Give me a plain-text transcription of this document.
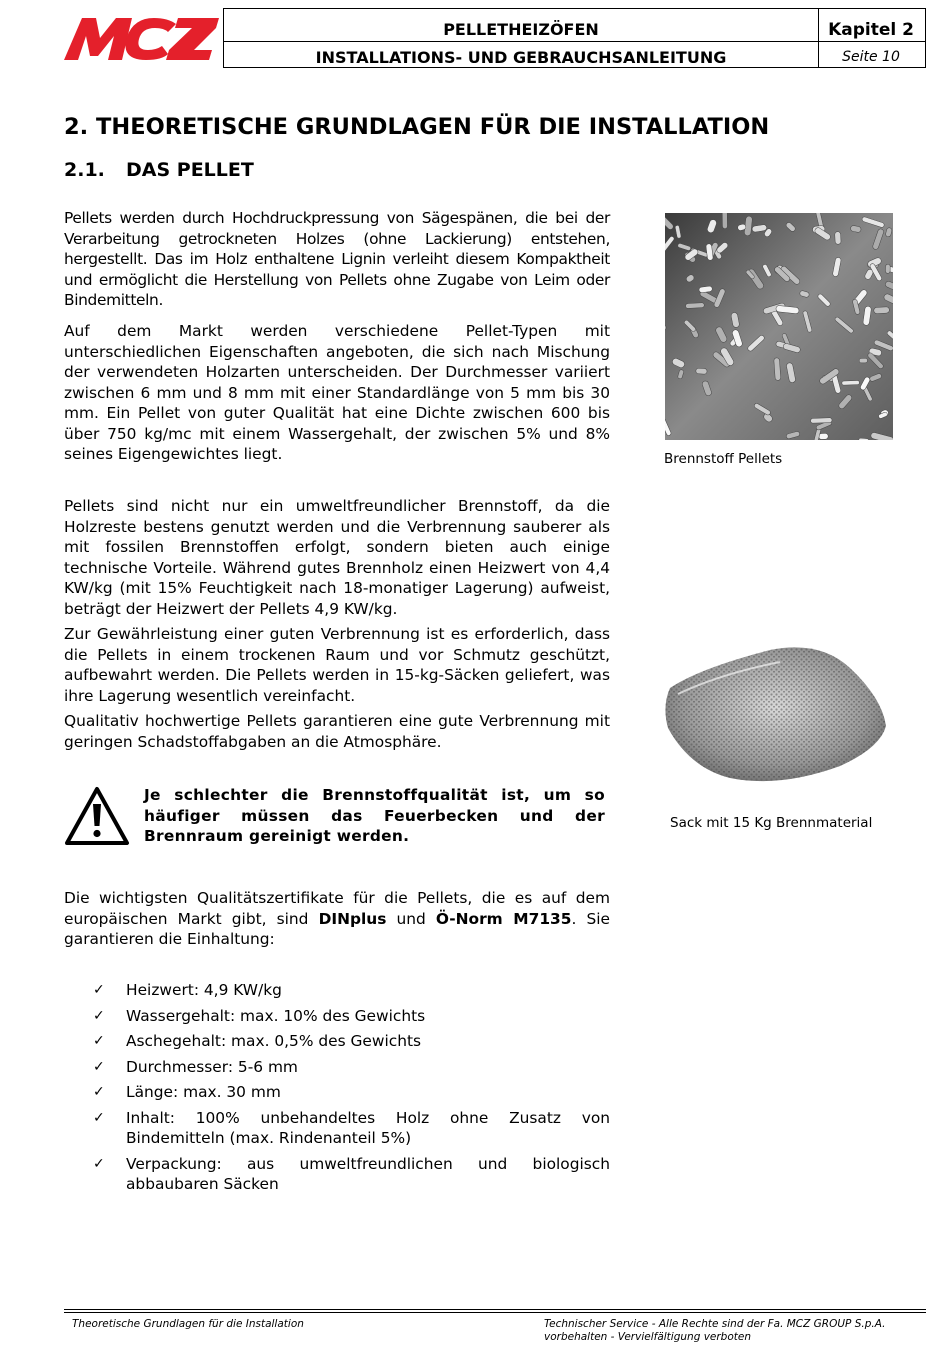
PELLETHEIZÖFEN
INSTALLATIONS- UND GEBRAUCHSANLEITUNG
Kapitel 2
Seite 10
2. THEORETISCHE GRUNDLAGEN FÜR DIE INSTALLATION
2.1. DAS PELLET
Pellets werden durch Hochdruckpressung von Sägespänen, die bei der Verarbeitung getrockneten Holzes (ohne Lackierung) entstehen, hergestellt. Das im Holz enthaltene Lignin verleiht diesem Kompaktheit und ermöglicht die Herstellung von Pellets ohne Zugabe von Leim oder Bindemitteln.
Auf dem Markt werden verschiedene Pellet-Typen mit unterschiedlichen Eigenschaften angeboten, die sich nach Mischung der verwendeten Holzarten unterscheiden. Der Durchmesser variiert zwischen 6 mm und 8 mm mit einer Standardlänge von 5 mm bis 30 mm. Ein Pellet von guter Qualität hat eine Dichte zwischen 600 bis über 750 kg/mc mit einem Wassergehalt, der zwischen 5% und 8% seines Eigengewichtes liegt.
Pellets sind nicht nur ein umweltfreundlicher Brennstoff, da die Holzreste bestens genutzt werden und die Verbrennung sauberer als mit fossilen Brennstoffen erfolgt, sondern bieten auch einige technische Vorteile. Während gutes Brennholz einen Heizwert von 4,4 KW/kg (mit 15% Feuchtigkeit nach 18-monatiger Lagerung) aufweist, beträgt der Heizwert der Pellets 4,9 KW/kg.
Zur Gewährleistung einer guten Verbrennung ist es erforderlich, dass die Pellets in einem trockenen Raum und vor Schmutz geschützt, aufbewahrt werden. Die Pellets werden in 15-kg-Säcken geliefert, was ihre Lagerung wesentlich vereinfacht.
Qualitativ hochwertige Pellets garantieren eine gute Verbrennung mit geringen Schadstoffabgaben an die Atmosphäre.
Je schlechter die Brennstoffqualität ist, um so häufiger müssen das Feuerbecken und der Brennraum gereinigt werden.
Die wichtigsten Qualitätszertifikate für die Pellets, die es auf dem europäischen Markt gibt, sind DINplus und Ö-Norm M7135. Sie garantieren die Einhaltung:
✓ Heizwert: 4,9 KW/kg
✓ Wassergehalt: max. 10% des Gewichts
✓ Aschegehalt: max. 0,5% des Gewichts
✓ Durchmesser: 5-6 mm
✓ Länge: max. 30 mm
✓ Inhalt: 100% unbehandeltes Holz ohne Zusatz von Bindemitteln (max. Rindenanteil 5%)
✓ Verpackung: aus umweltfreundlichen und biologisch abbaubaren Säcken
Brennstoff Pellets
Sack mit 15 Kg Brennmaterial
Theoretische Grundlagen für die Installation	Technischer Service - Alle Rechte sind der Fa. MCZ GROUP S.p.A. vorbehalten - Vervielfältigung verboten
